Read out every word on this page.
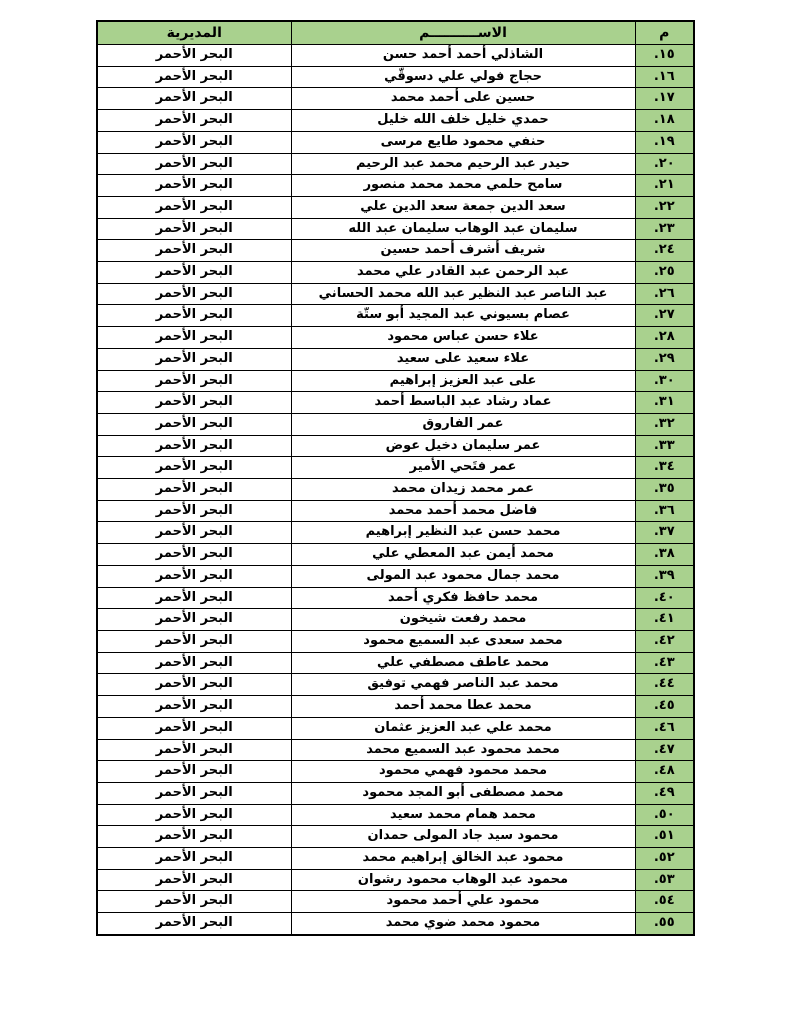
م	الاســــــــــم	المديرية
١٥.	الشاذلي أحمد أحمد حسن	البحر الأحمر
١٦.	حجاج فولي علي دسوقّي	البحر الأحمر
١٧.	حسين على أحمد محمد	البحر الأحمر
١٨.	حمدي خليل خلف الله خليل	البحر الأحمر
١٩.	حنفي محمود طايع مرسى	البحر الأحمر
٢٠.	حيدر عبد الرحيم محمد عبد الرحيم	البحر الأحمر
٢١.	سامح حلمي محمد محمد منصور	البحر الأحمر
٢٢.	سعد الدين جمعة سعد الدين علي	البحر الأحمر
٢٣.	سليمان عبد الوهاب سليمان عبد الله	البحر الأحمر
٢٤.	شريف أشرف أحمد حسين	البحر الأحمر
٢٥.	عبد الرحمن عبد القادر علي محمد	البحر الأحمر
٢٦.	عبد الناصر عبد النظير عبد الله محمد الحساني	البحر الأحمر
٢٧.	عصام بسيوني عبد المجيد أبو ستّة	البحر الأحمر
٢٨.	علاء حسن عباس محمود	البحر الأحمر
٢٩.	علاء سعيد على سعيد	البحر الأحمر
٣٠.	على عبد العزيز إبراهيم	البحر الأحمر
٣١.	عماد رشاد عبد الباسط أحمد	البحر الأحمر
٣٢.	عمر الفاروق	البحر الأحمر
٣٣.	عمر سليمان دخيل عوض	البحر الأحمر
٣٤.	عمر فتَحي الأمير	البحر الأحمر
٣٥.	عمر محمد زيدان محمد	البحر الأحمر
٣٦.	فاضل محمد أحمد محمد	البحر الأحمر
٣٧.	محمد حسن عبد النظير إبراهيم	البحر الأحمر
٣٨.	محمد أيمن عبد المعطي علي	البحر الأحمر
٣٩.	محمد جمال محمود عبد المولى	البحر الأحمر
٤٠.	محمد حافظ فكري أحمد	البحر الأحمر
٤١.	محمد رفعت شيخون	البحر الأحمر
٤٢.	محمد سعدى عبد السميع محمود	البحر الأحمر
٤٣.	محمد عاطف مصطفي علي	البحر الأحمر
٤٤.	محمد عبد الناصر فهمي توفيق	البحر الأحمر
٤٥.	محمد عطا محمد أحمد	البحر الأحمر
٤٦.	محمد علي عبد العزيز عثمان	البحر الأحمر
٤٧.	محمد محمود عبد السميع محمد	البحر الأحمر
٤٨.	محمد محمود فهمي محمود	البحر الأحمر
٤٩.	محمد مصطفى أبو المجد محمود	البحر الأحمر
٥٠.	محمد همام محمد سعيد	البحر الأحمر
٥١.	محمود سيد جاد المولى حمدان	البحر الأحمر
٥٢.	محمود عبد الخالق إبراهيم محمد	البحر الأحمر
٥٣.	محمود عبد الوهاب محمود رشوان	البحر الأحمر
٥٤.	محمود علي أحمد محمود	البحر الأحمر
٥٥.	محمود محمد ضوي محمد	البحر الأحمر
